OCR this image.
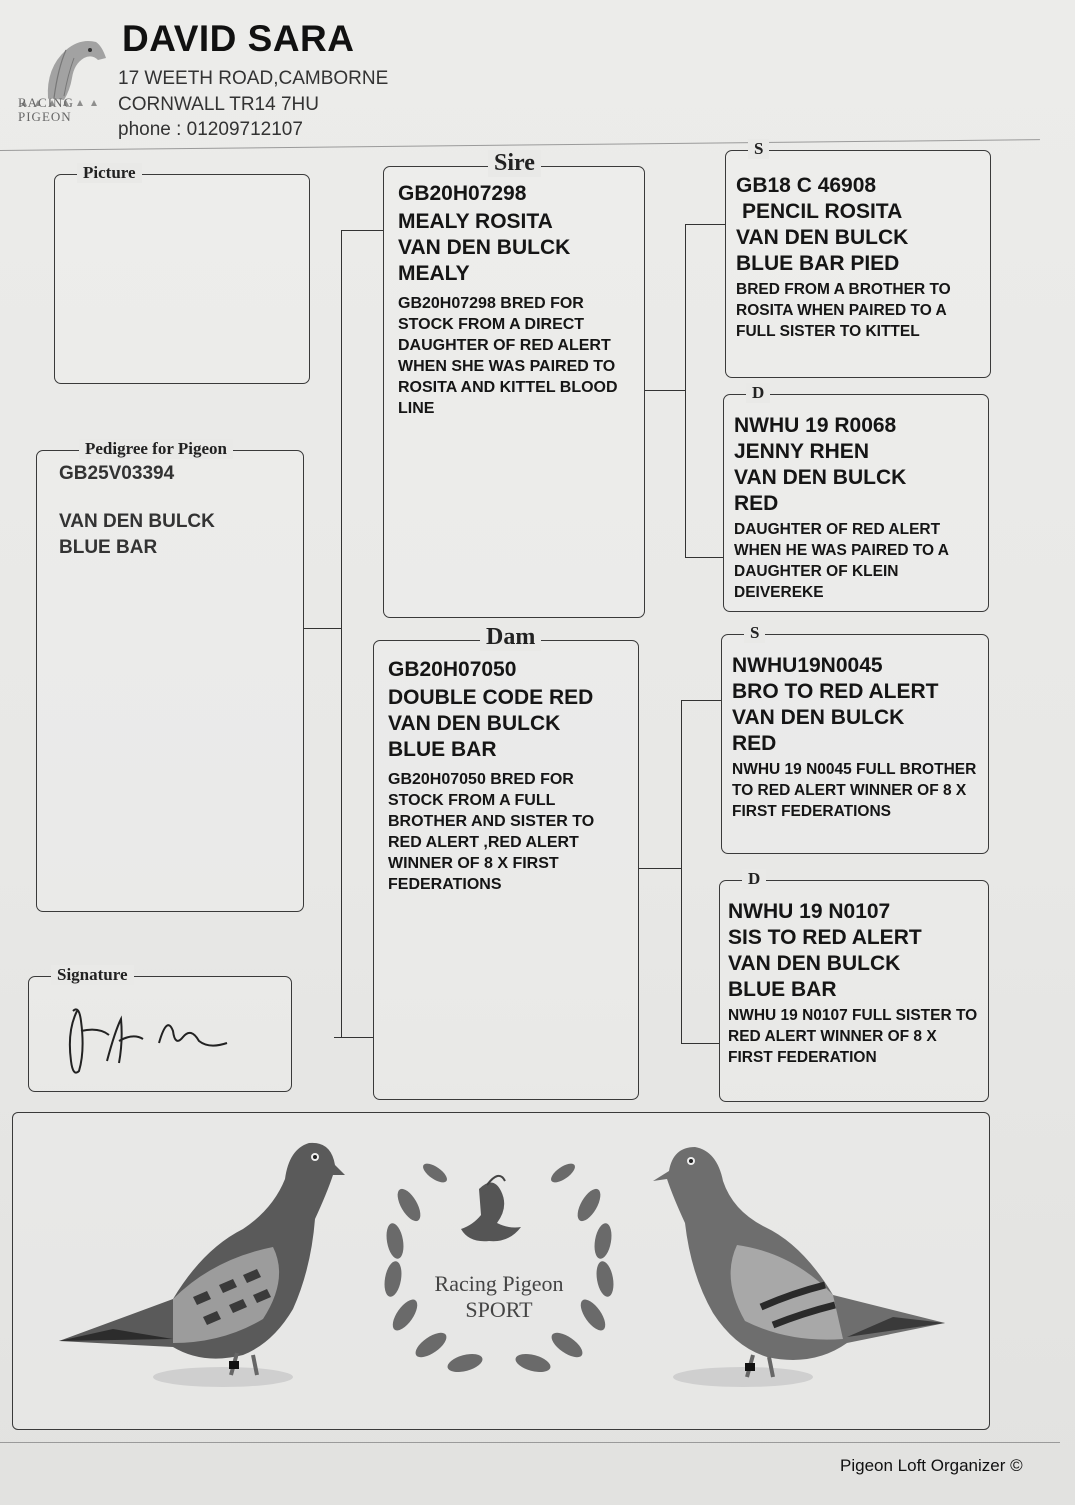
RACING
PIGEON
DAVID SARA
17 WEETH ROAD,CAMBORNE
CORNWALL TR14 7HU
phone : 01209712107
Picture
Pedigree for Pigeon
GB25V03394
VAN DEN BULCK
BLUE BAR
Signature
Sire
GB20H07298
MEALY ROSITA
VAN DEN BULCK
MEALY
GB20H07298 BRED FOR STOCK FROM A DIRECT DAUGHTER OF RED ALERT WHEN SHE WAS PAIRED TO ROSITA AND KITTEL BLOOD LINE
Dam
GB20H07050
DOUBLE CODE RED
VAN DEN BULCK
BLUE BAR
GB20H07050 BRED FOR STOCK FROM A FULL BROTHER AND SISTER TO RED ALERT ,RED ALERT WINNER OF 8 X FIRST FEDERATIONS
S
GB18 C 46908
PENCIL ROSITA
VAN DEN BULCK
BLUE BAR PIED
BRED FROM A BROTHER TO ROSITA WHEN PAIRED TO A FULL SISTER TO KITTEL
D
NWHU 19 R0068
JENNY RHEN
VAN DEN BULCK
RED
DAUGHTER OF RED ALERT WHEN HE WAS PAIRED TO A DAUGHTER OF KLEIN DEIVEREKE
S
NWHU19N0045
BRO TO RED ALERT
VAN DEN BULCK
RED
NWHU 19 N0045 FULL BROTHER TO RED ALERT WINNER OF 8 X FIRST FEDERATIONS
D
NWHU 19 N0107
SIS TO RED ALERT
VAN DEN BULCK
BLUE BAR
NWHU 19 N0107 FULL SISTER TO RED ALERT WINNER OF 8 X FIRST FEDERATION
Racing Pigeon
SPORT
Pigeon Loft Organizer ©
